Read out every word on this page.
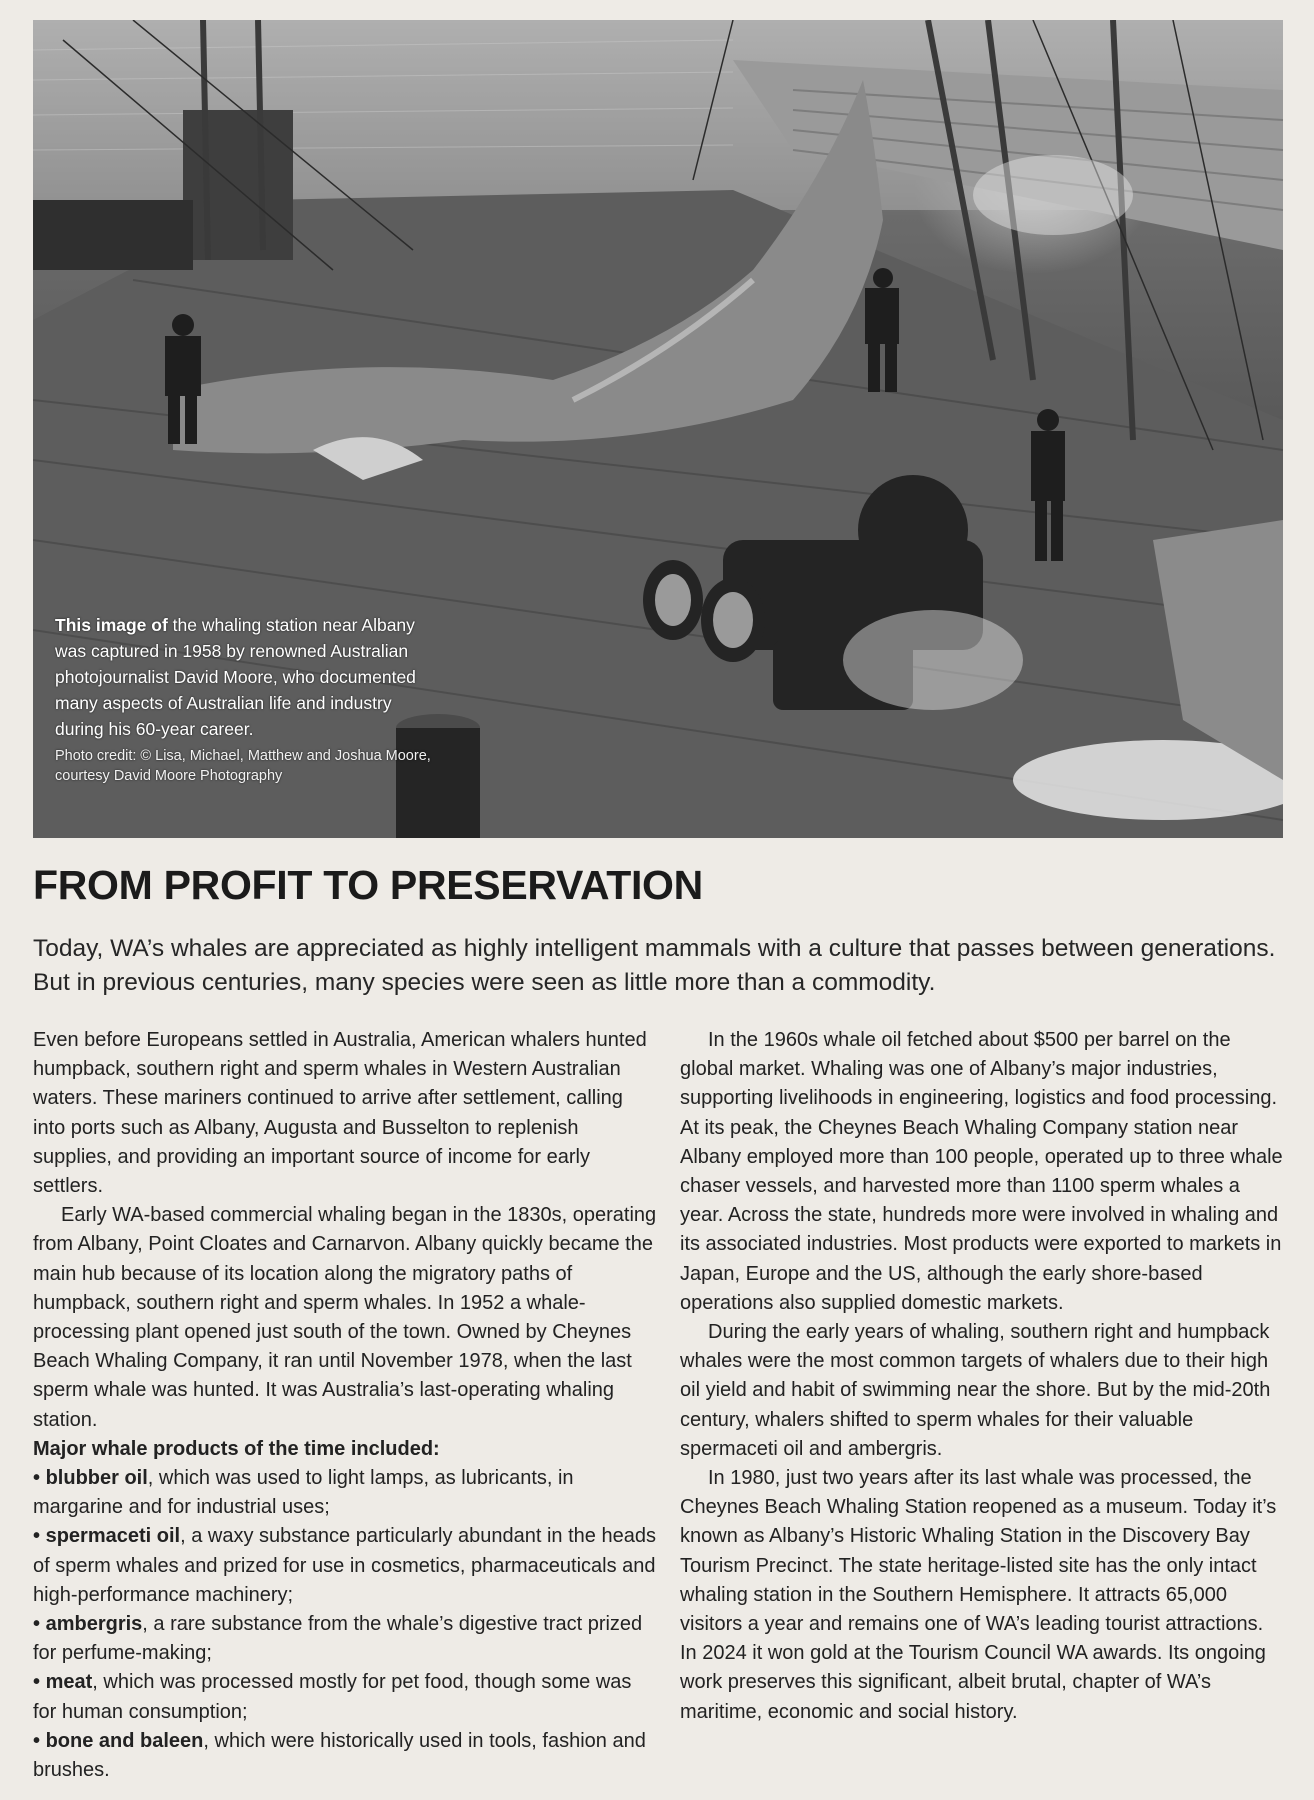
This image of the whaling station near Albany was captured in 1958 by renowned Australian photojournalist David Moore, who documented many aspects of Australian life and industry during his 60-year career.

Photo credit: © Lisa, Michael, Matthew and Joshua Moore, courtesy David Moore Photography

FROM PROFIT TO PRESERVATION

Today, WA’s whales are appreciated as highly intelligent mammals with a culture that passes between generations. But in previous centuries, many species were seen as little more than a commodity.

Even before Europeans settled in Australia, American whalers hunted humpback, southern right and sperm whales in Western Australian waters. These mariners continued to arrive after settlement, calling into ports such as Albany, Augusta and Busselton to replenish supplies, and providing an important source of income for early settlers.

Early WA-based commercial whaling began in the 1830s, operating from Albany, Point Cloates and Carnarvon. Albany quickly became the main hub because of its location along the migratory paths of humpback, southern right and sperm whales. In 1952 a whale-processing plant opened just south of the town. Owned by Cheynes Beach Whaling Company, it ran until November 1978, when the last sperm whale was hunted. It was Australia’s last-operating whaling station.

Major whale products of the time included:

• blubber oil, which was used to light lamps, as lubricants, in margarine and for industrial uses;

• spermaceti oil, a waxy substance particularly abundant in the heads of sperm whales and prized for use in cosmetics, pharmaceuticals and high-performance machinery;

• ambergris, a rare substance from the whale’s digestive tract prized for perfume-making;

• meat, which was processed mostly for pet food, though some was for human consumption;

• bone and baleen, which were historically used in tools, fashion and brushes.

In the 1960s whale oil fetched about $500 per barrel on the global market. Whaling was one of Albany’s major industries, supporting livelihoods in engineering, logistics and food processing. At its peak, the Cheynes Beach Whaling Company station near Albany employed more than 100 people, operated up to three whale chaser vessels, and harvested more than 1100 sperm whales a year. Across the state, hundreds more were involved in whaling and its associated industries. Most products were exported to markets in Japan, Europe and the US, although the early shore-based operations also supplied domestic markets.

During the early years of whaling, southern right and humpback whales were the most common targets of whalers due to their high oil yield and habit of swimming near the shore. But by the mid-20th century, whalers shifted to sperm whales for their valuable spermaceti oil and ambergris.

In 1980, just two years after its last whale was processed, the Cheynes Beach Whaling Station reopened as a museum. Today it’s known as Albany’s Historic Whaling Station in the Discovery Bay Tourism Precinct. The state heritage-listed site has the only intact whaling station in the Southern Hemisphere. It attracts 65,000 visitors a year and remains one of WA’s leading tourist attractions. In 2024 it won gold at the Tourism Council WA awards. Its ongoing work preserves this significant, albeit brutal, chapter of WA’s maritime, economic and social history.
